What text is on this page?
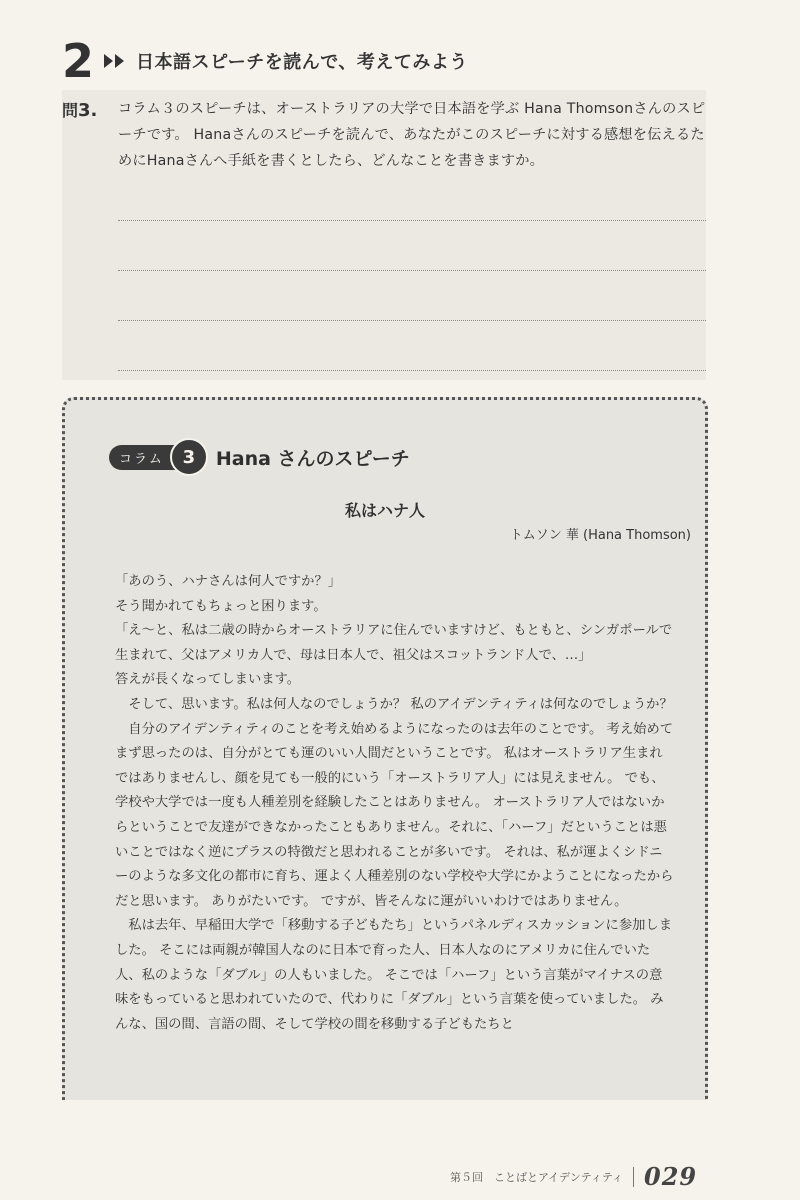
2 日本語スピーチを読んで、考えてみよう
問3. コラム３のスピーチは、オーストラリアの大学で日本語を学ぶ Hana Thomsonさんのスピーチです。 Hanaさんのスピーチを読んで、あなたがこのスピーチに対する感想を伝えるためにHanaさんへ手紙を書くとしたら、どんなことを書きますか。
コラム	3	Hana さんのスピーチ
私はハナ人
トムソン 華 (Hana Thomson)

「あのう、ハナさんは何人ですか？」

そう聞かれてもちょっと困ります。

「え～と、私は二歳の時からオーストラリアに住んでいますけど、もともと、シンガポールで生まれて、父はアメリカ人で、母は日本人で、祖父はスコットランド人で、…」

答えが長くなってしまいます。

そして、思います。私は何人なのでしょうか？ 私のアイデンティティは何なのでしょうか？

自分のアイデンティティのことを考え始めるようになったのは去年のことです。 考え始めてまず思ったのは、自分がとても運のいい人間だということです。 私はオーストラリア生まれではありませんし、顔を見ても一般的にいう「オーストラリア人」には見えません。 でも、学校や大学では一度も人種差別を経験したことはありません。 オーストラリア人ではないからということで友達ができなかったこともありません。それに、「ハーフ」だということは悪いことではなく逆にプラスの特徴だと思われることが多いです。 それは、私が運よくシドニーのような多文化の都市に育ち、運よく人種差別のない学校や大学にかようことになったからだと思います。 ありがたいです。 ですが、皆そんなに運がいいわけではありません。

私は去年、早稲田大学で「移動する子どもたち」というパネルディスカッションに参加しました。 そこには両親が韓国人なのに日本で育った人、日本人なのにアメリカに住んでいた人、私のような「ダブル」の人もいました。 そこでは「ハーフ」という言葉がマイナスの意味をもっていると思われていたので、代わりに「ダブル」という言葉を使っていました。 みんな、国の間、言語の間、そして学校の間を移動する子どもたちと

第５回　ことばとアイデンティティ 029
